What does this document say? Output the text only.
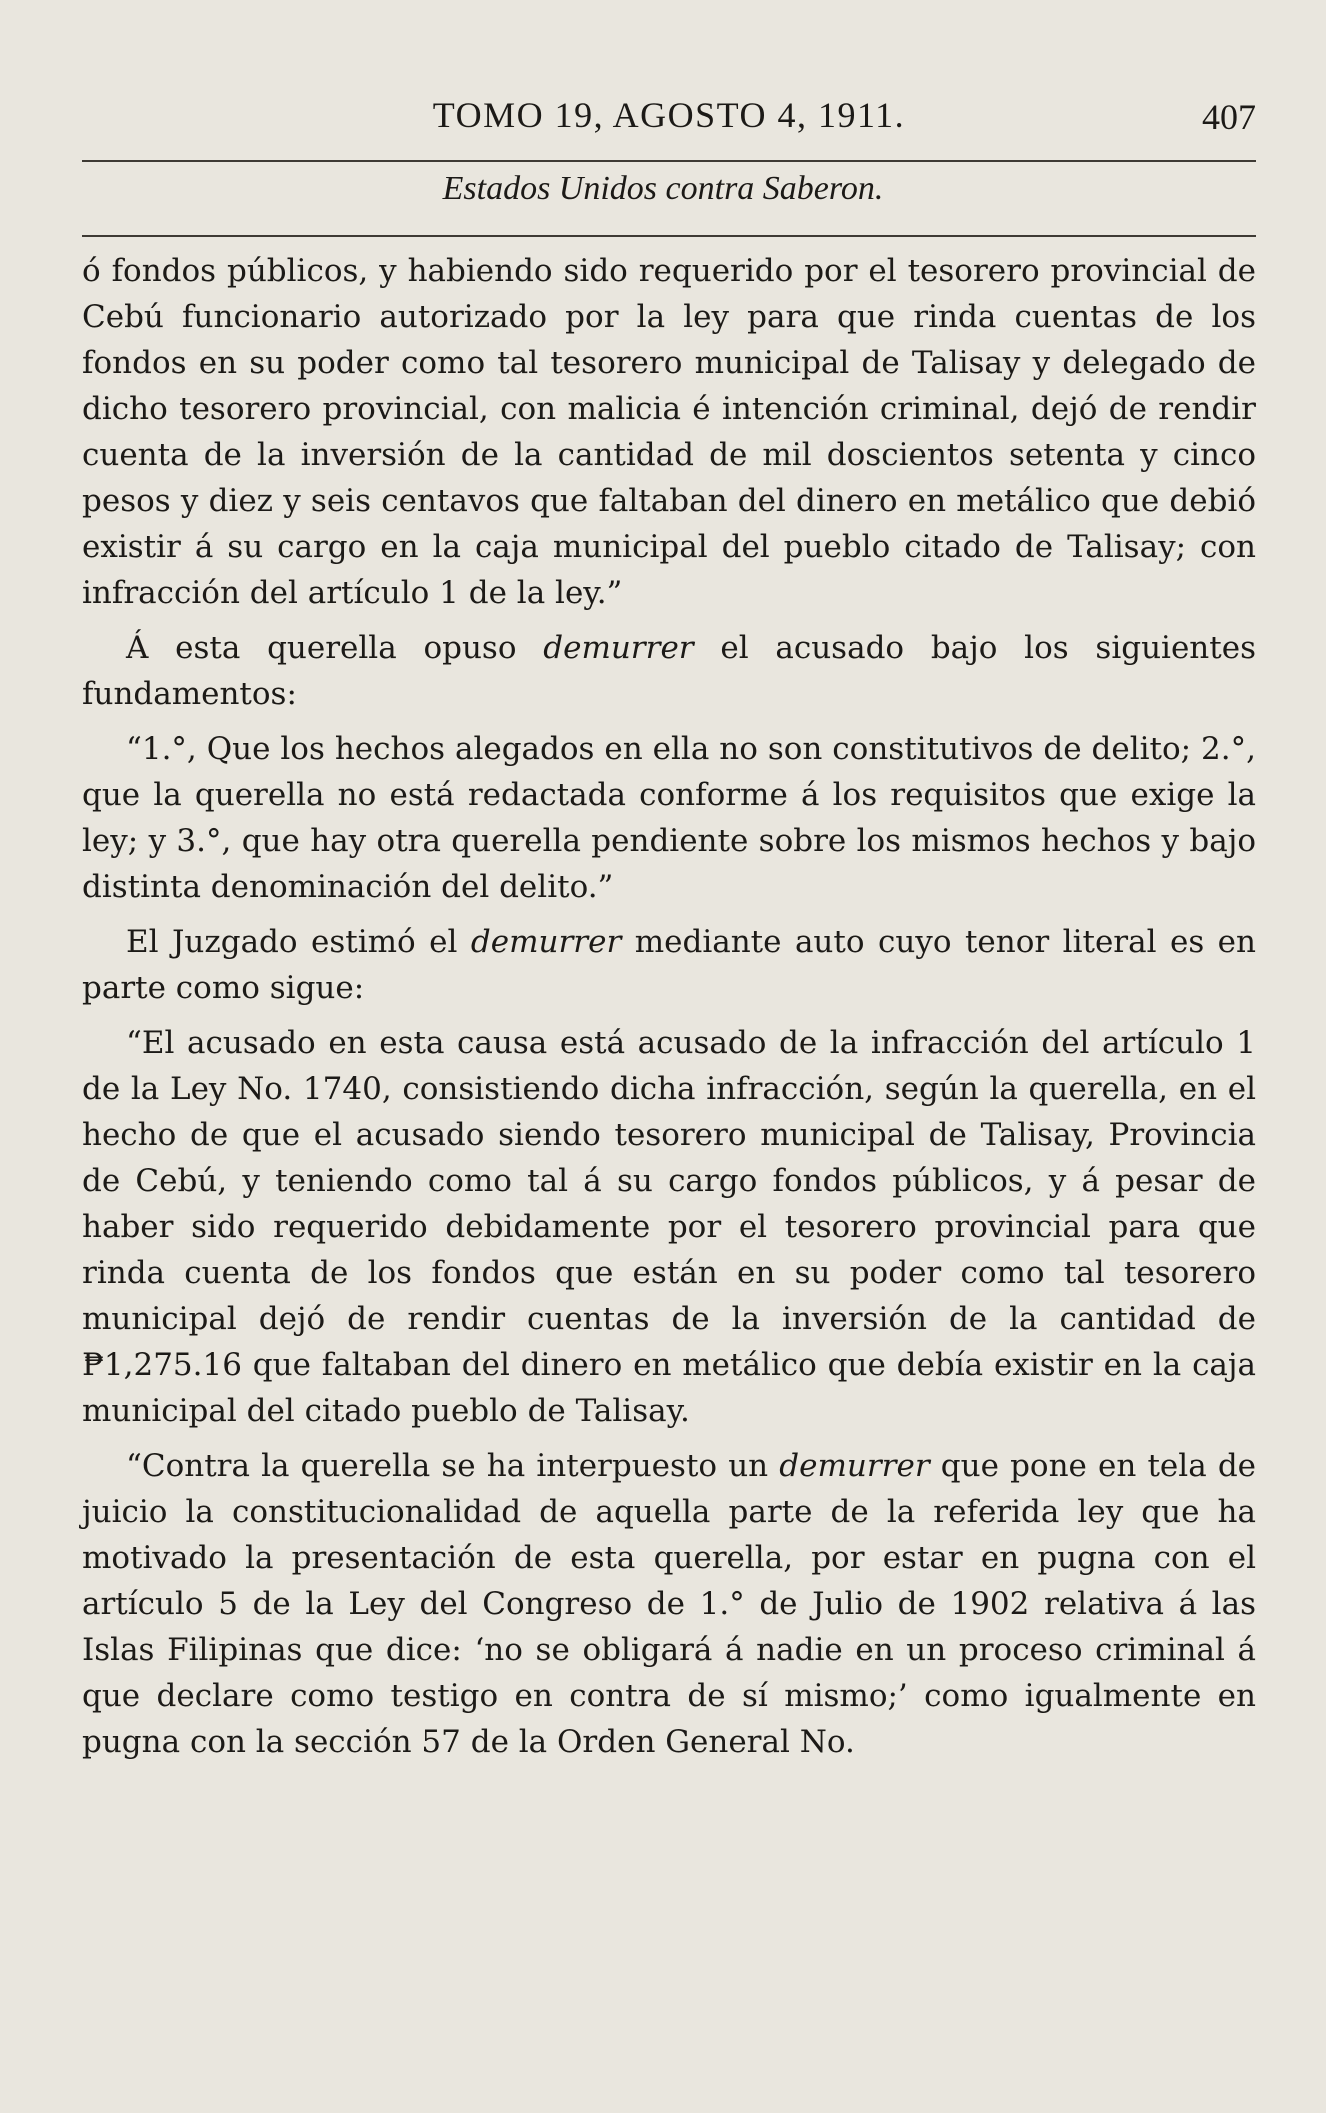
TOMO 19, AGOSTO 4, 1911.	407
Estados Unidos contra Saberon.

ó fondos públicos, y habiendo sido requerido por el tesorero provincial de Cebú funcionario autorizado por la ley para que rinda cuentas de los fondos en su poder como tal tesorero municipal de Talisay y delegado de dicho tesorero provincial, con malicia é intención criminal, dejó de rendir cuenta de la inversión de la cantidad de mil doscientos setenta y cinco pesos y diez y seis centavos que faltaban del dinero en metálico que debió existir á su cargo en la caja municipal del pueblo citado de Talisay; con infracción del artículo 1 de la ley.”

Á esta querella opuso demurrer el acusado bajo los siguientes fundamentos:

“1.°, Que los hechos alegados en ella no son constitutivos de delito; 2.°, que la querella no está redactada conforme á los requisitos que exige la ley; y 3.°, que hay otra querella pendiente sobre los mismos hechos y bajo distinta denominación del delito.”

El Juzgado estimó el demurrer mediante auto cuyo tenor literal es en parte como sigue:

“El acusado en esta causa está acusado de la infracción del artículo 1 de la Ley No. 1740, consistiendo dicha infracción, según la querella, en el hecho de que el acusado siendo tesorero municipal de Talisay, Provincia de Cebú, y teniendo como tal á su cargo fondos públicos, y á pesar de haber sido requerido debidamente por el tesorero provincial para que rinda cuenta de los fondos que están en su poder como tal tesorero municipal dejó de rendir cuentas de la inversión de la cantidad de ₱1,275.16 que faltaban del dinero en metálico que debía existir en la caja municipal del citado pueblo de Talisay.

“Contra la querella se ha interpuesto un demurrer que pone en tela de juicio la constitucionalidad de aquella parte de la referida ley que ha motivado la presentación de esta querella, por estar en pugna con el artículo 5 de la Ley del Congreso de 1.° de Julio de 1902 relativa á las Islas Filipinas que dice: ‘no se obligará á nadie en un proceso criminal á que declare como testigo en contra de sí mismo;’ como igualmente en pugna con la sección 57 de la Orden General No.
